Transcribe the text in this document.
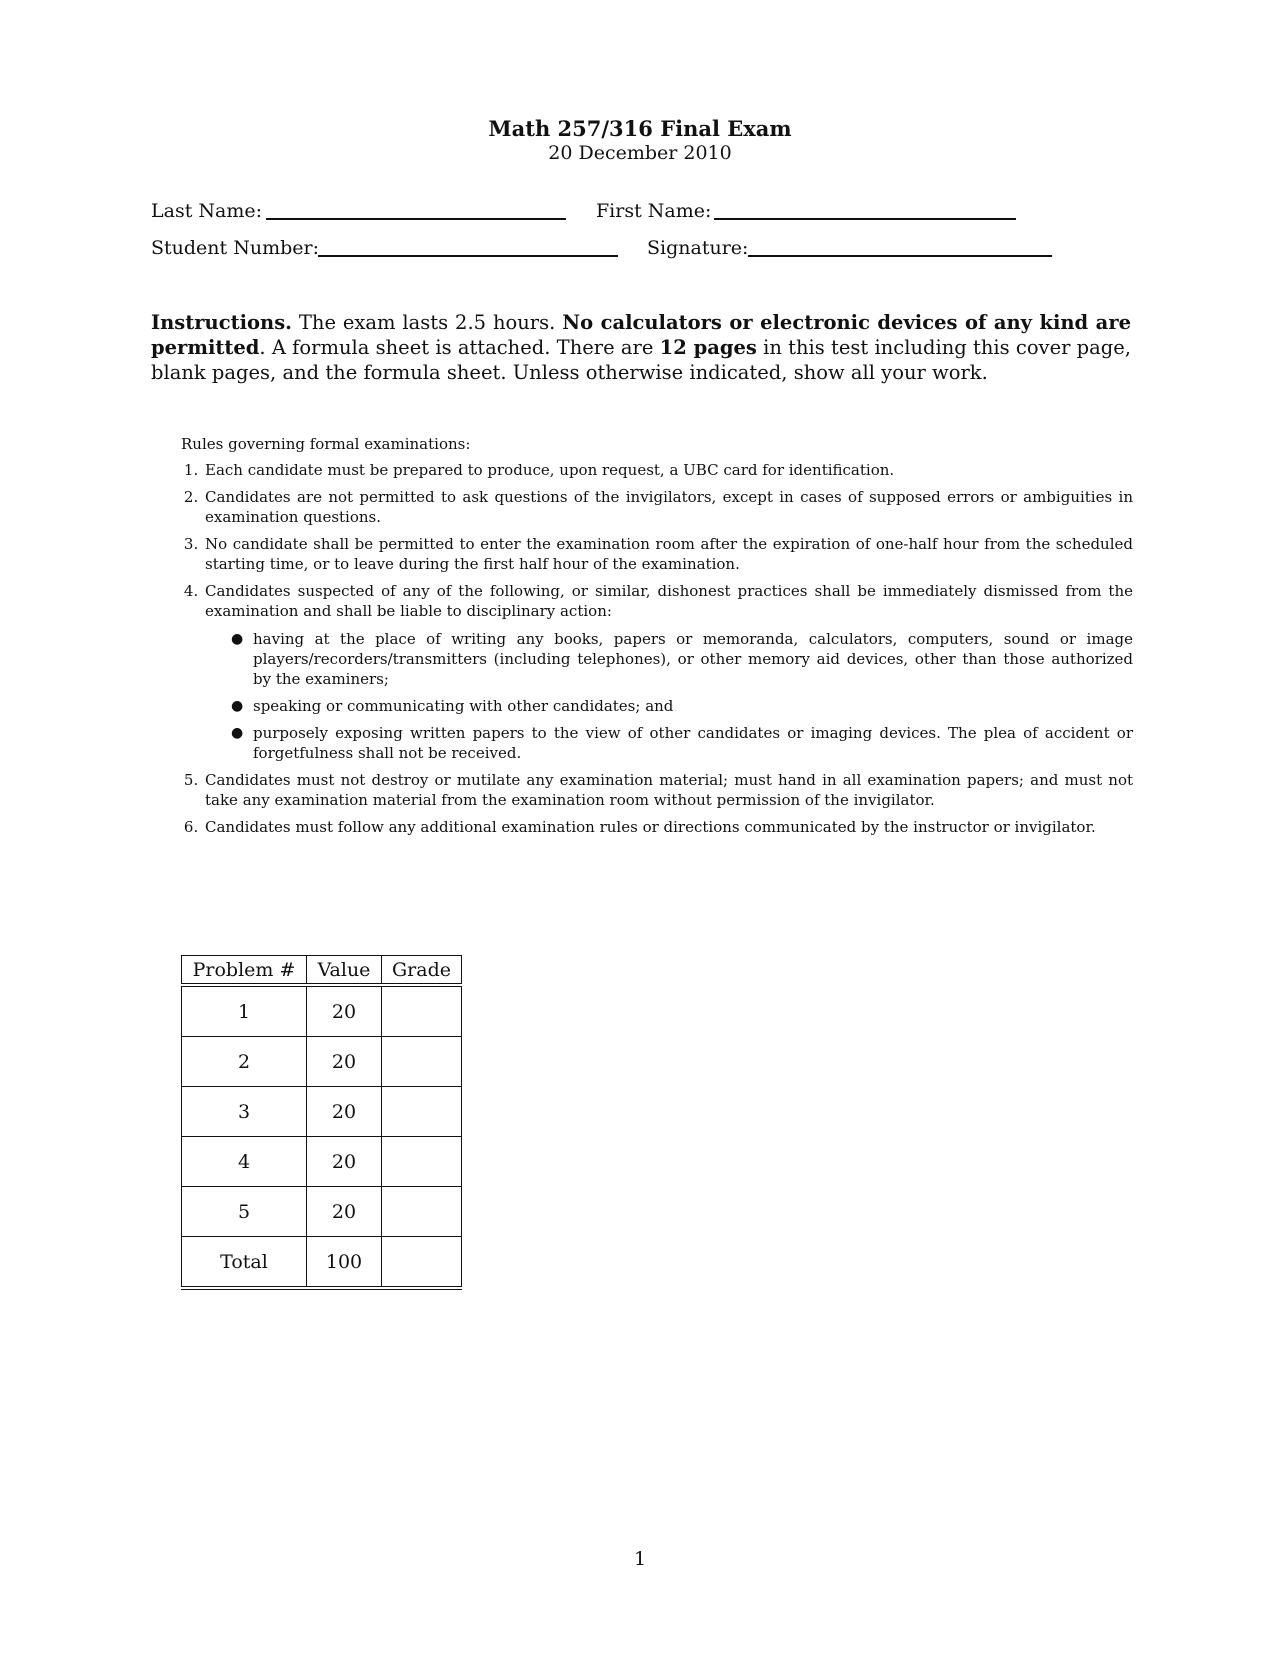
Math 257/316 Final Exam
20 December 2010
Last Name:	First Name:
Student Number:	Signature:
Instructions. The exam lasts 2.5 hours. No calculators or electronic devices of any kind are permitted. A formula sheet is attached. There are 12 pages in this test including this cover page, blank pages, and the formula sheet. Unless otherwise indicated, show all your work.
Rules governing formal examinations:
1. Each candidate must be prepared to produce, upon request, a UBC card for identification.
2. Candidates are not permitted to ask questions of the invigilators, except in cases of supposed errors or ambiguities in examination questions.
3. No candidate shall be permitted to enter the examination room after the expiration of one-half hour from the scheduled starting time, or to leave during the first half hour of the examination.
4. Candidates suspected of any of the following, or similar, dishonest practices shall be immediately dismissed from the examination and shall be liable to disciplinary action:
● having at the place of writing any books, papers or memoranda, calculators, computers, sound or image players/recorders/transmitters (including telephones), or other memory aid devices, other than those authorized by the examiners;
● speaking or communicating with other candidates; and
● purposely exposing written papers to the view of other candidates or imaging devices. The plea of accident or forgetfulness shall not be received.
5. Candidates must not destroy or mutilate any examination material; must hand in all examination papers; and must not take any examination material from the examination room without permission of the invigilator.
6. Candidates must follow any additional examination rules or directions communicated by the instructor or invigilator.
Problem #	Value	Grade
1	20	
2	20	
3	20	
4	20	
5	20	
Total	100	
1
